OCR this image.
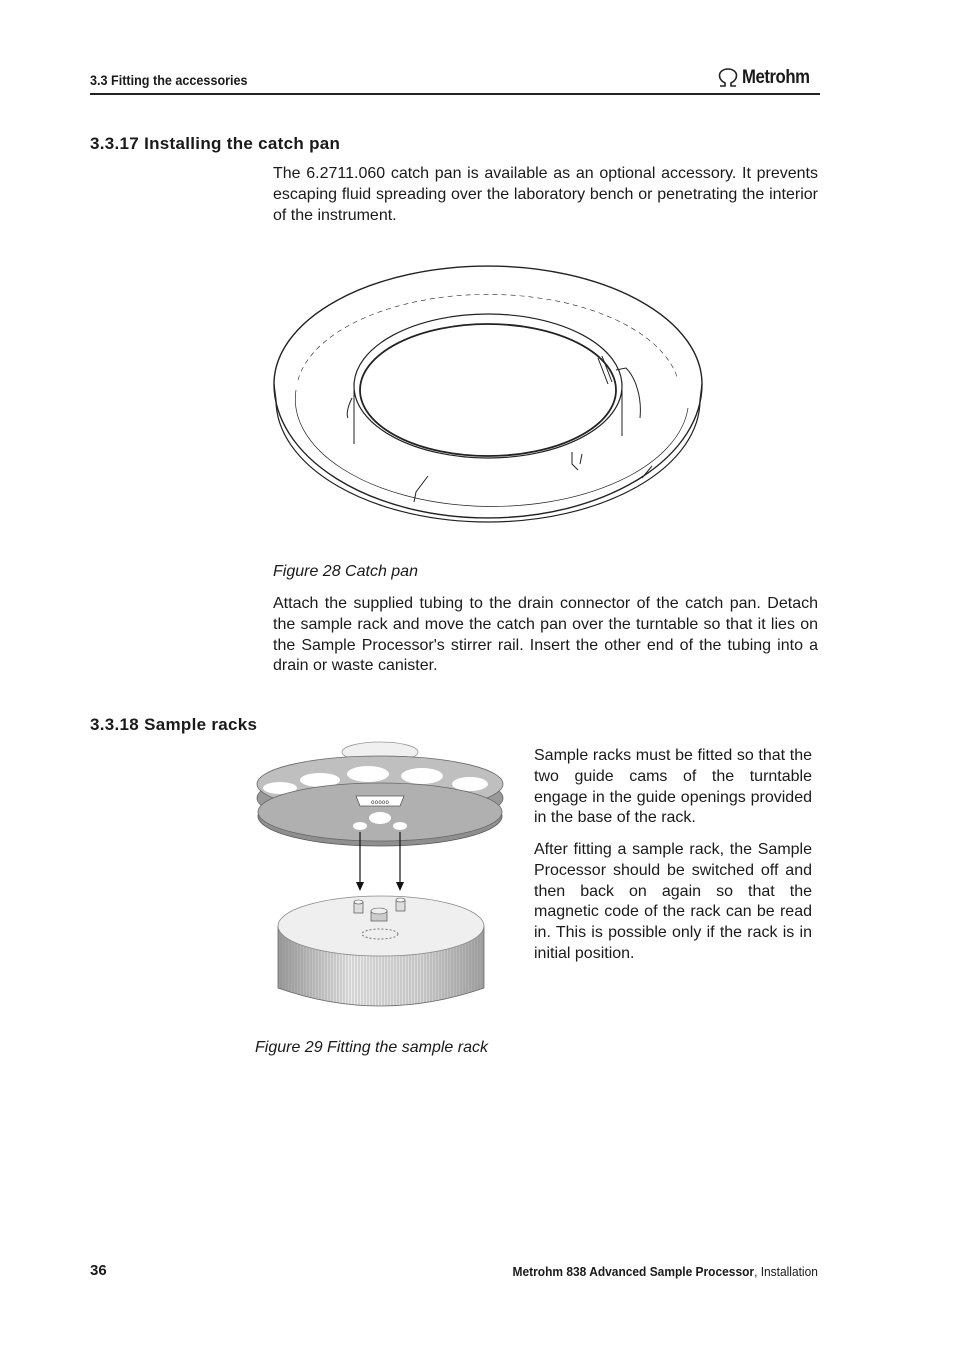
3.3 Fitting the accessories	Metrohm
3.3.17 Installing the catch pan

The 6.2711.060 catch pan is available as an optional accessory. It prevents escaping fluid spreading over the laboratory bench or penetrating the interior of the instrument.

Figure 28 Catch pan

Attach the supplied tubing to the drain connector of the catch pan. Detach the sample rack and move the catch pan over the turntable so that it lies on the Sample Processor's stirrer rail. Insert the other end of the tubing into a drain or waste canister.

3.3.18 Sample racks
ooooo

Sample racks must be fitted so that the two guide cams of the turntable engage in the guide openings provided in the base of the rack.

After fitting a sample rack, the Sample Processor should be switched off and then back on again so that the magnetic code of the rack can be read in. This is possible only if the rack is in initial position.

Figure 29 Fitting the sample rack
36	Metrohm 838 Advanced Sample Processor, Installation
